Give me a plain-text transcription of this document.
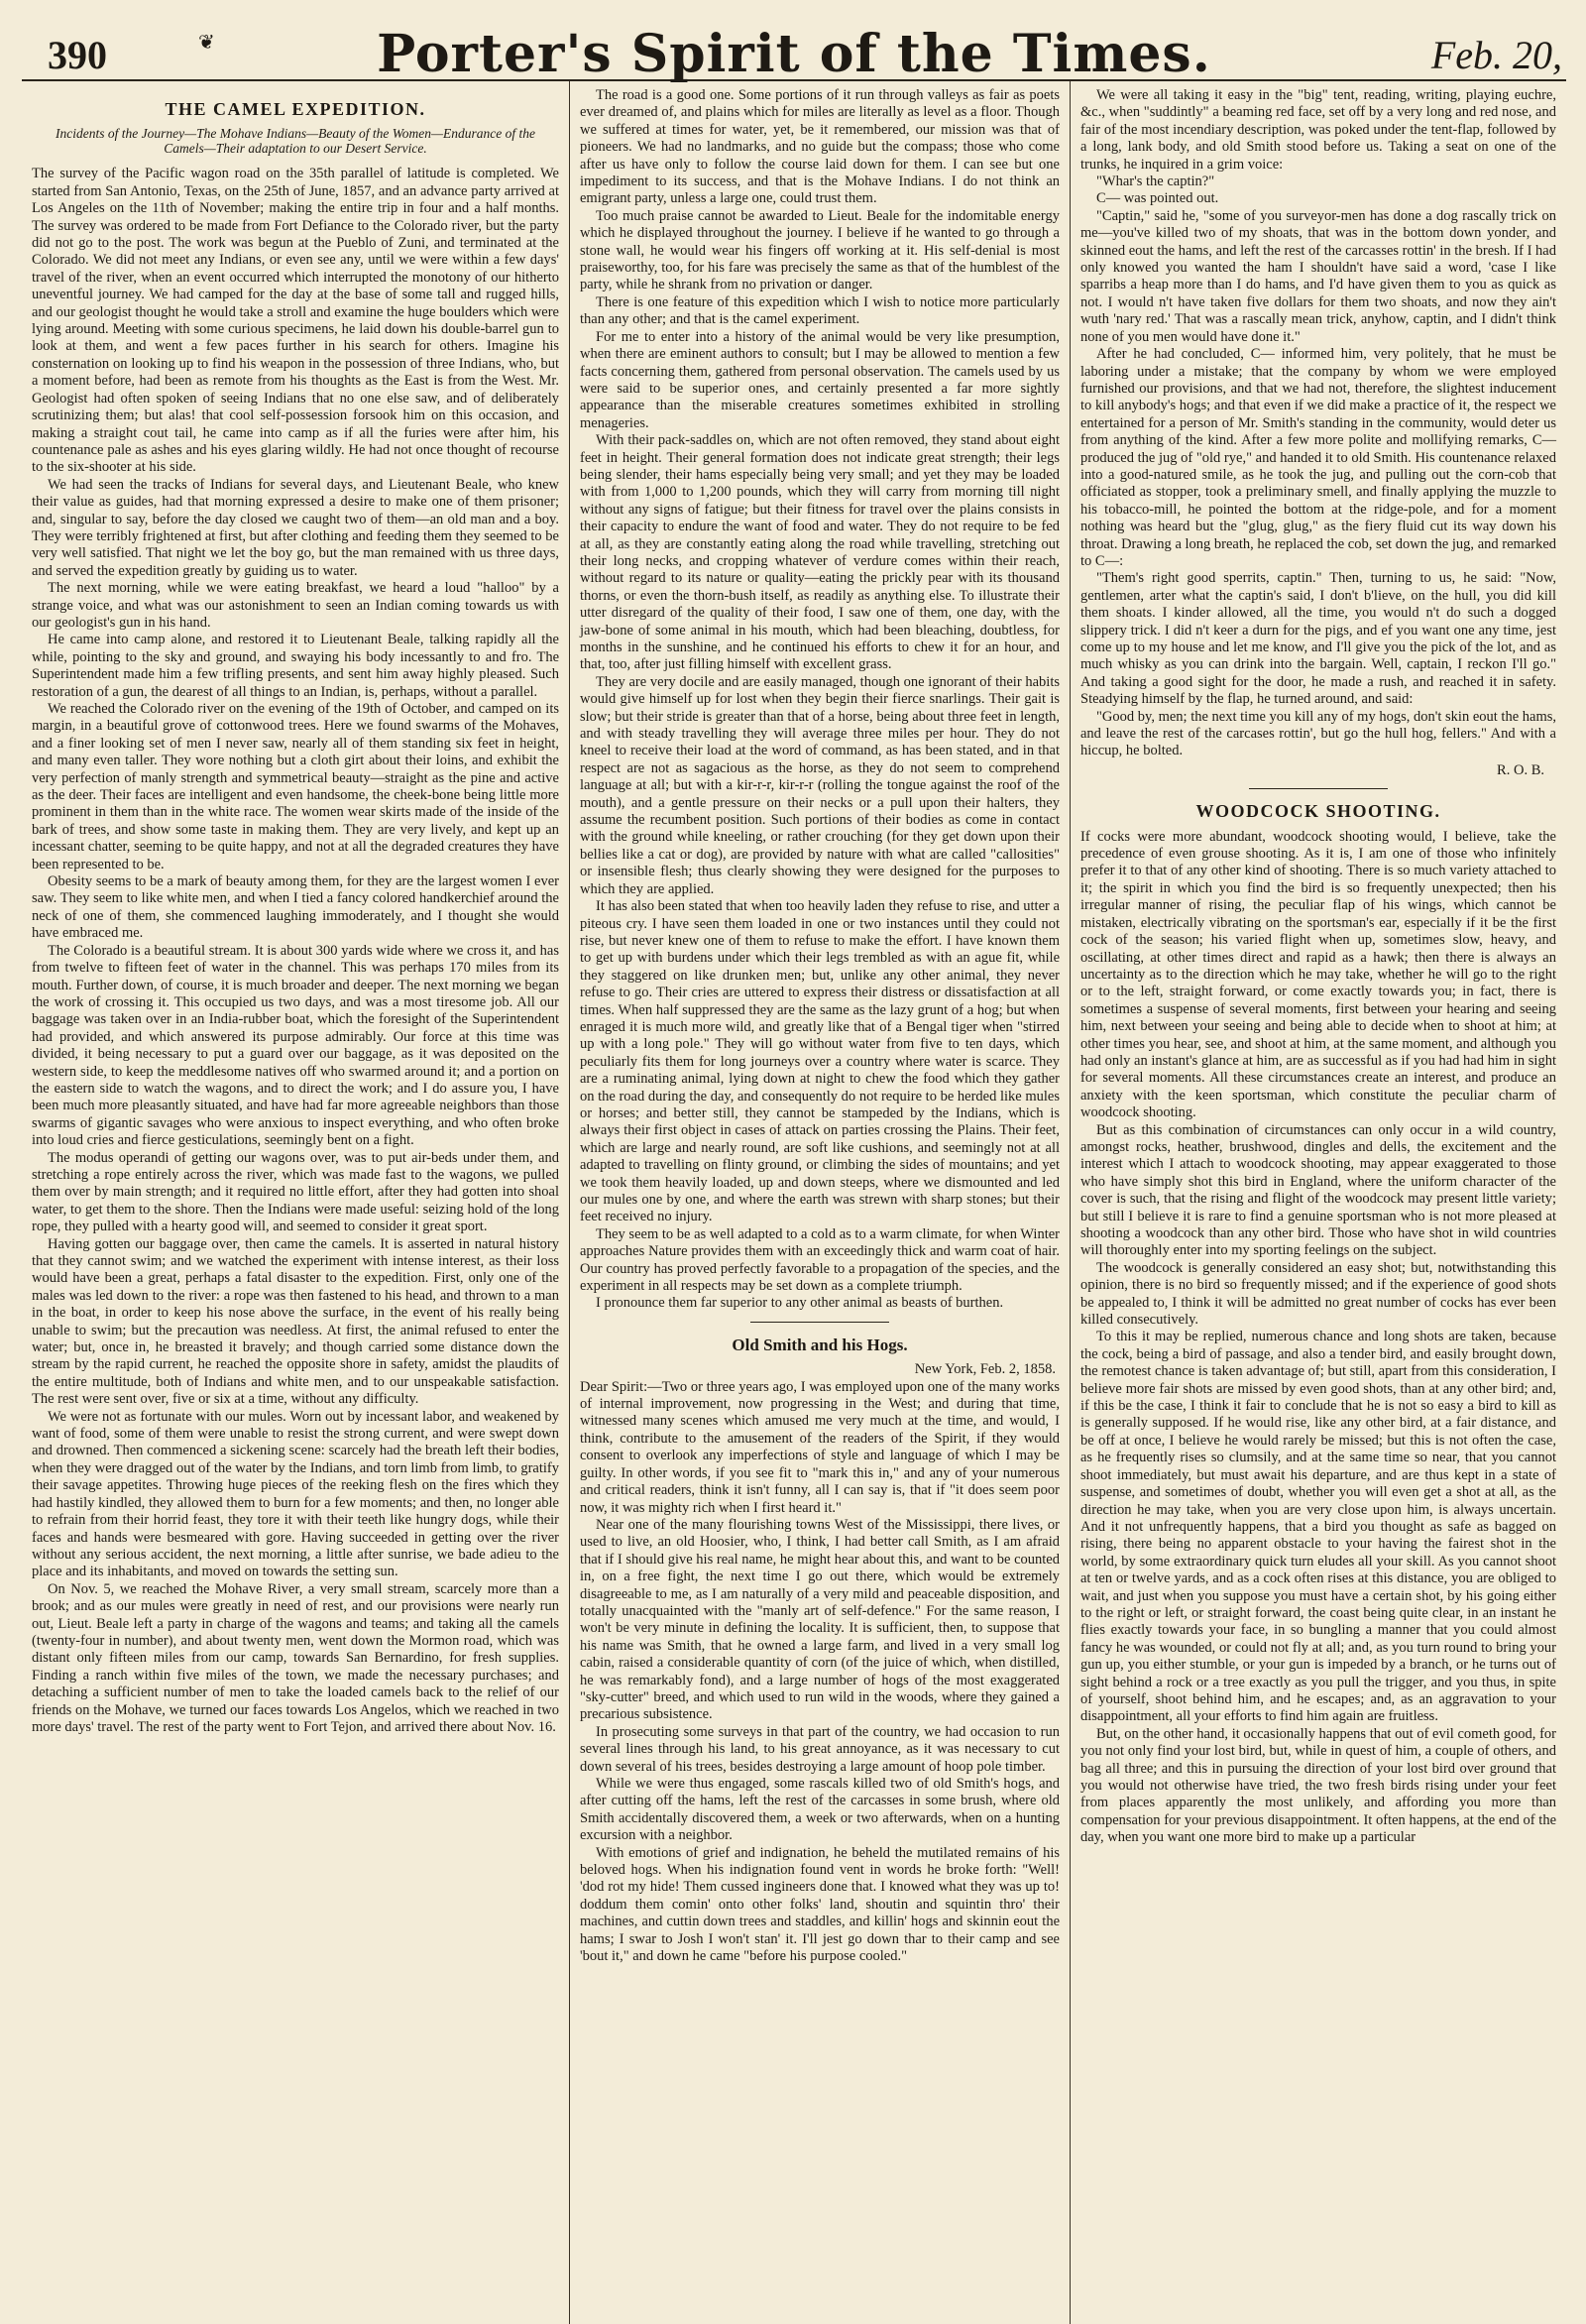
390	❦	Porter's Spirit of the Times.	Feb. 20,
THE CAMEL EXPEDITION.
Incidents of the Journey—The Mohave Indians—Beauty of the Women—Endurance of the Camels—Their adaptation to our Desert Service.

The survey of the Pacific wagon road on the 35th parallel of latitude is completed. We started from San Antonio, Texas, on the 25th of June, 1857, and an advance party arrived at Los Angeles on the 11th of November; making the entire trip in four and a half months. The survey was ordered to be made from Fort Defiance to the Colorado river, but the party did not go to the post. The work was begun at the Pueblo of Zuni, and terminated at the Colorado. We did not meet any Indians, or even see any, until we were within a few days' travel of the river, when an event occurred which interrupted the monotony of our hitherto uneventful journey. We had camped for the day at the base of some tall and rugged hills, and our geologist thought he would take a stroll and examine the huge boulders which were lying around. Meeting with some curious specimens, he laid down his double-barrel gun to look at them, and went a few paces further in his search for others. Imagine his consternation on looking up to find his weapon in the possession of three Indians, who, but a moment before, had been as remote from his thoughts as the East is from the West. Mr. Geologist had often spoken of seeing Indians that no one else saw, and of deliberately scrutinizing them; but alas! that cool self-possession forsook him on this occasion, and making a straight cout tail, he came into camp as if all the furies were after him, his countenance pale as ashes and his eyes glaring wildly. He had not once thought of recourse to the six-shooter at his side.

We had seen the tracks of Indians for several days, and Lieutenant Beale, who knew their value as guides, had that morning expressed a desire to make one of them prisoner; and, singular to say, before the day closed we caught two of them—an old man and a boy. They were terribly frightened at first, but after clothing and feeding them they seemed to be very well satisfied. That night we let the boy go, but the man remained with us three days, and served the expedition greatly by guiding us to water.

The next morning, while we were eating breakfast, we heard a loud "halloo" by a strange voice, and what was our astonishment to seen an Indian coming towards us with our geologist's gun in his hand.

He came into camp alone, and restored it to Lieutenant Beale, talking rapidly all the while, pointing to the sky and ground, and swaying his body incessantly to and fro. The Superintendent made him a few trifling presents, and sent him away highly pleased. Such restoration of a gun, the dearest of all things to an Indian, is, perhaps, without a parallel.

We reached the Colorado river on the evening of the 19th of October, and camped on its margin, in a beautiful grove of cottonwood trees. Here we found swarms of the Mohaves, and a finer looking set of men I never saw, nearly all of them standing six feet in height, and many even taller. They wore nothing but a cloth girt about their loins, and exhibit the very perfection of manly strength and symmetrical beauty—straight as the pine and active as the deer. Their faces are intelligent and even handsome, the cheek-bone being little more prominent in them than in the white race. The women wear skirts made of the inside of the bark of trees, and show some taste in making them. They are very lively, and kept up an incessant chatter, seeming to be quite happy, and not at all the degraded creatures they have been represented to be.

Obesity seems to be a mark of beauty among them, for they are the largest women I ever saw. They seem to like white men, and when I tied a fancy colored handkerchief around the neck of one of them, she commenced laughing immoderately, and I thought she would have embraced me.

The Colorado is a beautiful stream. It is about 300 yards wide where we cross it, and has from twelve to fifteen feet of water in the channel. This was perhaps 170 miles from its mouth. Further down, of course, it is much broader and deeper. The next morning we began the work of crossing it. This occupied us two days, and was a most tiresome job. All our baggage was taken over in an India-rubber boat, which the foresight of the Superintendent had provided, and which answered its purpose admirably. Our force at this time was divided, it being necessary to put a guard over our baggage, as it was deposited on the western side, to keep the meddlesome natives off who swarmed around it; and a portion on the eastern side to watch the wagons, and to direct the work; and I do assure you, I have been much more pleasantly situated, and have had far more agreeable neighbors than those swarms of gigantic savages who were anxious to inspect everything, and who often broke into loud cries and fierce gesticulations, seemingly bent on a fight.

The modus operandi of getting our wagons over, was to put air-beds under them, and stretching a rope entirely across the river, which was made fast to the wagons, we pulled them over by main strength; and it required no little effort, after they had gotten into shoal water, to get them to the shore. Then the Indians were made useful: seizing hold of the long rope, they pulled with a hearty good will, and seemed to consider it great sport.

Having gotten our baggage over, then came the camels. It is asserted in natural history that they cannot swim; and we watched the experiment with intense interest, as their loss would have been a great, perhaps a fatal disaster to the expedition. First, only one of the males was led down to the river: a rope was then fastened to his head, and thrown to a man in the boat, in order to keep his nose above the surface, in the event of his really being unable to swim; but the precaution was needless. At first, the animal refused to enter the water; but, once in, he breasted it bravely; and though carried some distance down the stream by the rapid current, he reached the opposite shore in safety, amidst the plaudits of the entire multitude, both of Indians and white men, and to our unspeakable satisfaction. The rest were sent over, five or six at a time, without any difficulty.

We were not as fortunate with our mules. Worn out by incessant labor, and weakened by want of food, some of them were unable to resist the strong current, and were swept down and drowned. Then commenced a sickening scene: scarcely had the breath left their bodies, when they were dragged out of the water by the Indians, and torn limb from limb, to gratify their savage appetites. Throwing huge pieces of the reeking flesh on the fires which they had hastily kindled, they allowed them to burn for a few moments; and then, no longer able to refrain from their horrid feast, they tore it with their teeth like hungry dogs, while their faces and hands were besmeared with gore. Having succeeded in getting over the river without any serious accident, the next morning, a little after sunrise, we bade adieu to the place and its inhabitants, and moved on towards the setting sun.

On Nov. 5, we reached the Mohave River, a very small stream, scarcely more than a brook; and as our mules were greatly in need of rest, and our provisions were nearly run out, Lieut. Beale left a party in charge of the wagons and teams; and taking all the camels (twenty-four in number), and about twenty men, went down the Mormon road, which was distant only fifteen miles from our camp, towards San Bernardino, for fresh supplies. Finding a ranch within five miles of the town, we made the necessary purchases; and detaching a sufficient number of men to take the loaded camels back to the relief of our friends on the Mohave, we turned our faces towards Los Angelos, which we reached in two more days' travel. The rest of the party went to Fort Tejon, and arrived there about Nov. 16.

The road is a good one. Some portions of it run through valleys as fair as poets ever dreamed of, and plains which for miles are literally as level as a floor. Though we suffered at times for water, yet, be it remembered, our mission was that of pioneers. We had no landmarks, and no guide but the compass; those who come after us have only to follow the course laid down for them. I can see but one impediment to its success, and that is the Mohave Indians. I do not think an emigrant party, unless a large one, could trust them.

Too much praise cannot be awarded to Lieut. Beale for the indomitable energy which he displayed throughout the journey. I believe if he wanted to go through a stone wall, he would wear his fingers off working at it. His self-denial is most praiseworthy, too, for his fare was precisely the same as that of the humblest of the party, while he shrank from no privation or danger.

There is one feature of this expedition which I wish to notice more particularly than any other; and that is the camel experiment.

For me to enter into a history of the animal would be very like presumption, when there are eminent authors to consult; but I may be allowed to mention a few facts concerning them, gathered from personal observation. The camels used by us were said to be superior ones, and certainly presented a far more sightly appearance than the miserable creatures sometimes exhibited in strolling menageries.

With their pack-saddles on, which are not often removed, they stand about eight feet in height. Their general formation does not indicate great strength; their legs being slender, their hams especially being very small; and yet they may be loaded with from 1,000 to 1,200 pounds, which they will carry from morning till night without any signs of fatigue; but their fitness for travel over the plains consists in their capacity to endure the want of food and water. They do not require to be fed at all, as they are constantly eating along the road while travelling, stretching out their long necks, and cropping whatever of verdure comes within their reach, without regard to its nature or quality—eating the prickly pear with its thousand thorns, or even the thorn-bush itself, as readily as anything else. To illustrate their utter disregard of the quality of their food, I saw one of them, one day, with the jaw-bone of some animal in his mouth, which had been bleaching, doubtless, for months in the sunshine, and he continued his efforts to chew it for an hour, and that, too, after just filling himself with excellent grass.

They are very docile and are easily managed, though one ignorant of their habits would give himself up for lost when they begin their fierce snarlings. Their gait is slow; but their stride is greater than that of a horse, being about three feet in length, and with steady travelling they will average three miles per hour. They do not kneel to receive their load at the word of command, as has been stated, and in that respect are not as sagacious as the horse, as they do not seem to comprehend language at all; but with a kir-r-r, kir-r-r (rolling the tongue against the roof of the mouth), and a gentle pressure on their necks or a pull upon their halters, they assume the recumbent position. Such portions of their bodies as come in contact with the ground while kneeling, or rather crouching (for they get down upon their bellies like a cat or dog), are provided by nature with what are called "callosities" or insensible flesh; thus clearly showing they were designed for the purposes to which they are applied.

It has also been stated that when too heavily laden they refuse to rise, and utter a piteous cry. I have seen them loaded in one or two instances until they could not rise, but never knew one of them to refuse to make the effort. I have known them to get up with burdens under which their legs trembled as with an ague fit, while they staggered on like drunken men; but, unlike any other animal, they never refuse to go. Their cries are uttered to express their distress or dissatisfaction at all times. When half suppressed they are the same as the lazy grunt of a hog; but when enraged it is much more wild, and greatly like that of a Bengal tiger when "stirred up with a long pole." They will go without water from five to ten days, which peculiarly fits them for long journeys over a country where water is scarce. They are a ruminating animal, lying down at night to chew the food which they gather on the road during the day, and consequently do not require to be herded like mules or horses; and better still, they cannot be stampeded by the Indians, which is always their first object in cases of attack on parties crossing the Plains. Their feet, which are large and nearly round, are soft like cushions, and seemingly not at all adapted to travelling on flinty ground, or climbing the sides of mountains; and yet we took them heavily loaded, up and down steeps, where we dismounted and led our mules one by one, and where the earth was strewn with sharp stones; but their feet received no injury.

They seem to be as well adapted to a cold as to a warm climate, for when Winter approaches Nature provides them with an exceedingly thick and warm coat of hair. Our country has proved perfectly favorable to a propagation of the species, and the experiment in all respects may be set down as a complete triumph.

I pronounce them far superior to any other animal as beasts of burthen.

Old Smith and his Hogs.
New York, Feb. 2, 1858.

Dear Spirit:—Two or three years ago, I was employed upon one of the many works of internal improvement, now progressing in the West; and during that time, witnessed many scenes which amused me very much at the time, and would, I think, contribute to the amusement of the readers of the Spirit, if they would consent to overlook any imperfections of style and language of which I may be guilty. In other words, if you see fit to "mark this in," and any of your numerous and critical readers, think it isn't funny, all I can say is, that if "it does seem poor now, it was mighty rich when I first heard it."

Near one of the many flourishing towns West of the Mississippi, there lives, or used to live, an old Hoosier, who, I think, I had better call Smith, as I am afraid that if I should give his real name, he might hear about this, and want to be counted in, on a free fight, the next time I go out there, which would be extremely disagreeable to me, as I am naturally of a very mild and peaceable disposition, and totally unacquainted with the "manly art of self-defence." For the same reason, I won't be very minute in defining the locality. It is sufficient, then, to suppose that his name was Smith, that he owned a large farm, and lived in a very small log cabin, raised a considerable quantity of corn (of the juice of which, when distilled, he was remarkably fond), and a large number of hogs of the most exaggerated "sky-cutter" breed, and which used to run wild in the woods, where they gained a precarious subsistence.

In prosecuting some surveys in that part of the country, we had occasion to run several lines through his land, to his great annoyance, as it was necessary to cut down several of his trees, besides destroying a large amount of hoop pole timber.

While we were thus engaged, some rascals killed two of old Smith's hogs, and after cutting off the hams, left the rest of the carcasses in some brush, where old Smith accidentally discovered them, a week or two afterwards, when on a hunting excursion with a neighbor.

With emotions of grief and indignation, he beheld the mutilated remains of his beloved hogs. When his indignation found vent in words he broke forth: "Well! 'dod rot my hide! Them cussed ingineers done that. I knowed what they was up to! doddum them comin' onto other folks' land, shoutin and squintin thro' their machines, and cuttin down trees and staddles, and killin' hogs and skinnin eout the hams; I swar to Josh I won't stan' it. I'll jest go down thar to their camp and see 'bout it," and down he came "before his purpose cooled."

We were all taking it easy in the "big" tent, reading, writing, playing euchre, &c., when "suddintly" a beaming red face, set off by a very long and red nose, and fair of the most incendiary description, was poked under the tent-flap, followed by a long, lank body, and old Smith stood before us. Taking a seat on one of the trunks, he inquired in a grim voice:

"Whar's the captin?"

C— was pointed out.

"Captin," said he, "some of you surveyor-men has done a dog rascally trick on me—you've killed two of my shoats, that was in the bottom down yonder, and skinned eout the hams, and left the rest of the carcasses rottin' in the bresh. If I had only knowed you wanted the ham I shouldn't have said a word, 'case I like sparribs a heap more than I do hams, and I'd have given them to you as quick as not. I would n't have taken five dollars for them two shoats, and now they ain't wuth 'nary red.' That was a rascally mean trick, anyhow, captin, and I didn't think none of you men would have done it."

After he had concluded, C— informed him, very politely, that he must be laboring under a mistake; that the company by whom we were employed furnished our provisions, and that we had not, therefore, the slightest inducement to kill anybody's hogs; and that even if we did make a practice of it, the respect we entertained for a person of Mr. Smith's standing in the community, would deter us from anything of the kind. After a few more polite and mollifying remarks, C— produced the jug of "old rye," and handed it to old Smith. His countenance relaxed into a good-natured smile, as he took the jug, and pulling out the corn-cob that officiated as stopper, took a preliminary smell, and finally applying the muzzle to his tobacco-mill, he pointed the bottom at the ridge-pole, and for a moment nothing was heard but the "glug, glug," as the fiery fluid cut its way down his throat. Drawing a long breath, he replaced the cob, set down the jug, and remarked to C—:

"Them's right good sperrits, captin." Then, turning to us, he said: "Now, gentlemen, arter what the captin's said, I don't b'lieve, on the hull, you did kill them shoats. I kinder allowed, all the time, you would n't do such a dogged slippery trick. I did n't keer a durn for the pigs, and ef you want one any time, jest come up to my house and let me know, and I'll give you the pick of the lot, and as much whisky as you can drink into the bargain. Well, captain, I reckon I'll go." And taking a good sight for the door, he made a rush, and reached it in safety. Steadying himself by the flap, he turned around, and said:

"Good by, men; the next time you kill any of my hogs, don't skin eout the hams, and leave the rest of the carcases rottin', but go the hull hog, fellers." And with a hiccup, he bolted.

R. O. B.
WOODCOCK SHOOTING.

If cocks were more abundant, woodcock shooting would, I believe, take the precedence of even grouse shooting. As it is, I am one of those who infinitely prefer it to that of any other kind of shooting. There is so much variety attached to it; the spirit in which you find the bird is so frequently unexpected; then his irregular manner of rising, the peculiar flap of his wings, which cannot be mistaken, electrically vibrating on the sportsman's ear, especially if it be the first cock of the season; his varied flight when up, sometimes slow, heavy, and oscillating, at other times direct and rapid as a hawk; then there is always an uncertainty as to the direction which he may take, whether he will go to the right or to the left, straight forward, or come exactly towards you; in fact, there is sometimes a suspense of several moments, first between your hearing and seeing him, next between your seeing and being able to decide when to shoot at him; at other times you hear, see, and shoot at him, at the same moment, and although you had only an instant's glance at him, are as successful as if you had had him in sight for several moments. All these circumstances create an interest, and produce an anxiety with the keen sportsman, which constitute the peculiar charm of woodcock shooting.

But as this combination of circumstances can only occur in a wild country, amongst rocks, heather, brushwood, dingles and dells, the excitement and the interest which I attach to woodcock shooting, may appear exaggerated to those who have simply shot this bird in England, where the uniform character of the cover is such, that the rising and flight of the woodcock may present little variety; but still I believe it is rare to find a genuine sportsman who is not more pleased at shooting a woodcock than any other bird. Those who have shot in wild countries will thoroughly enter into my sporting feelings on the subject.

The woodcock is generally considered an easy shot; but, notwithstanding this opinion, there is no bird so frequently missed; and if the experience of good shots be appealed to, I think it will be admitted no great number of cocks has ever been killed consecutively.

To this it may be replied, numerous chance and long shots are taken, because the cock, being a bird of passage, and also a tender bird, and easily brought down, the remotest chance is taken advantage of; but still, apart from this consideration, I believe more fair shots are missed by even good shots, than at any other bird; and, if this be the case, I think it fair to conclude that he is not so easy a bird to kill as is generally supposed. If he would rise, like any other bird, at a fair distance, and be off at once, I believe he would rarely be missed; but this is not often the case, as he frequently rises so clumsily, and at the same time so near, that you cannot shoot immediately, but must await his departure, and are thus kept in a state of suspense, and sometimes of doubt, whether you will even get a shot at all, as the direction he may take, when you are very close upon him, is always uncertain. And it not unfrequently happens, that a bird you thought as safe as bagged on rising, there being no apparent obstacle to your having the fairest shot in the world, by some extraordinary quick turn eludes all your skill. As you cannot shoot at ten or twelve yards, and as a cock often rises at this distance, you are obliged to wait, and just when you suppose you must have a certain shot, by his going either to the right or left, or straight forward, the coast being quite clear, in an instant he flies exactly towards your face, in so bungling a manner that you could almost fancy he was wounded, or could not fly at all; and, as you turn round to bring your gun up, you either stumble, or your gun is impeded by a branch, or he turns out of sight behind a rock or a tree exactly as you pull the trigger, and you thus, in spite of yourself, shoot behind him, and he escapes; and, as an aggravation to your disappointment, all your efforts to find him again are fruitless.

But, on the other hand, it occasionally happens that out of evil cometh good, for you not only find your lost bird, but, while in quest of him, a couple of others, and bag all three; and this in pursuing the direction of your lost bird over ground that you would not otherwise have tried, the two fresh birds rising under your feet from places apparently the most unlikely, and affording you more than compensation for your previous disappointment. It often happens, at the end of the day, when you want one more bird to make up a particular
